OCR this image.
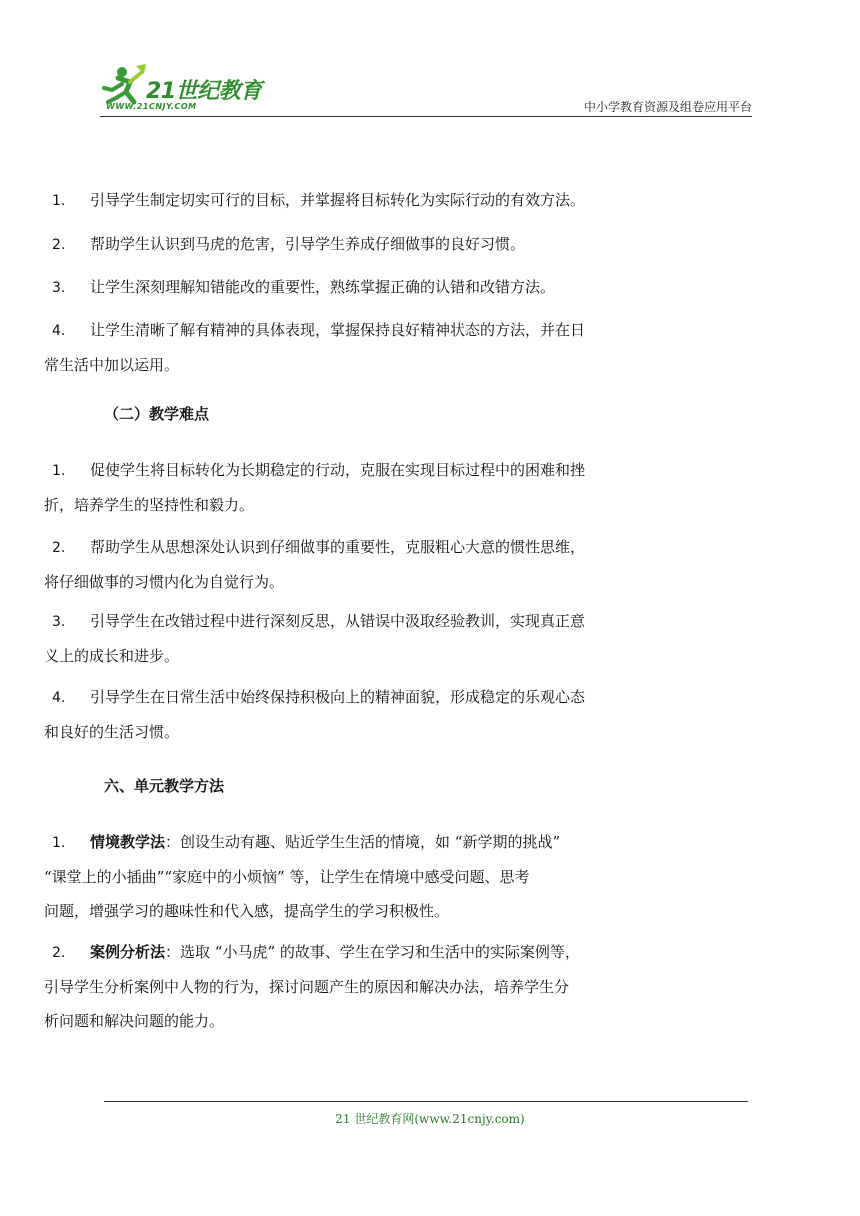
21世纪教育
WWW.21CNJY.COM	中小学教育资源及组卷应用平台
1. 引导学生制定切实可行的目标，并掌握将目标转化为实际行动的有效方法。
2. 帮助学生认识到马虎的危害，引导学生养成仔细做事的良好习惯。
3. 让学生深刻理解知错能改的重要性，熟练掌握正确的认错和改错方法。
4. 让学生清晰了解有精神的具体表现，掌握保持良好精神状态的方法，并在日
常生活中加以运用。
（二）教学难点
1. 促使学生将目标转化为长期稳定的行动，克服在实现目标过程中的困难和挫
折，培养学生的坚持性和毅力。
2. 帮助学生从思想深处认识到仔细做事的重要性，克服粗心大意的惯性思维，
将仔细做事的习惯内化为自觉行为。
3. 引导学生在改错过程中进行深刻反思，从错误中汲取经验教训，实现真正意
义上的成长和进步。
4. 引导学生在日常生活中始终保持积极向上的精神面貌，形成稳定的乐观心态
和良好的生活习惯。
六、单元教学方法
1. 情境教学法：创设生动有趣、贴近学生生活的情境，如 “新学期的挑战”
“课堂上的小插曲”“家庭中的小烦恼” 等，让学生在情境中感受问题、思考
问题，增强学习的趣味性和代入感，提高学生的学习积极性。
2. 案例分析法：选取 “小马虎” 的故事、学生在学习和生活中的实际案例等，
引导学生分析案例中人物的行为，探讨问题产生的原因和解决办法，培养学生分
析问题和解决问题的能力。
21 世纪教育网(www.21cnjy.com)
